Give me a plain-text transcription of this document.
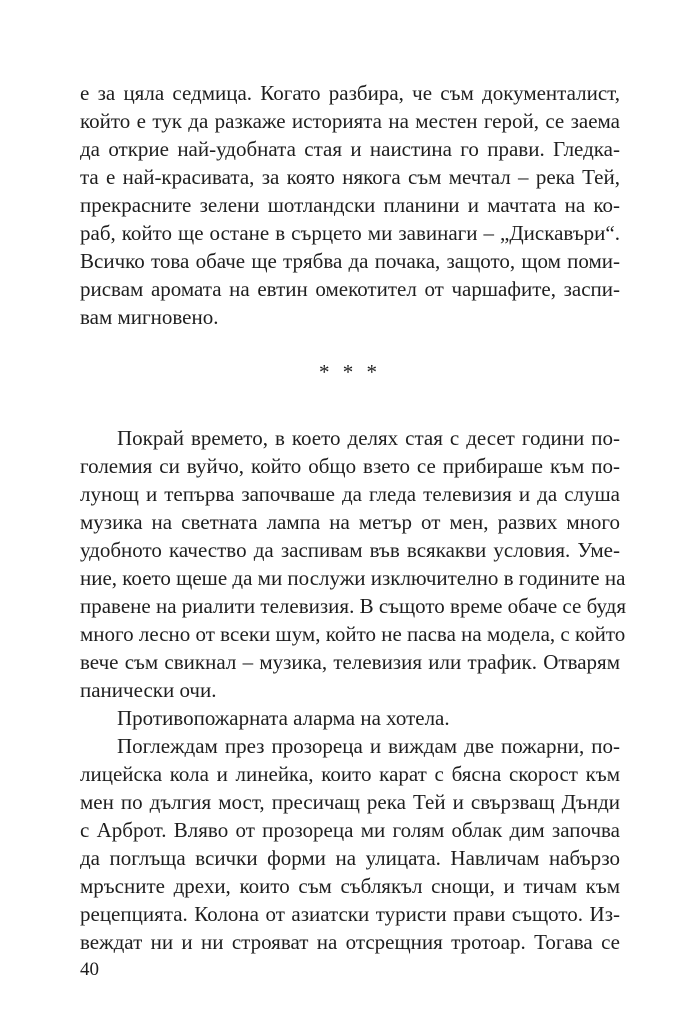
е за цяла седмица. Когато разбира, че съм документалист,
който е тук да разкаже историята на местен герой, се заема
да открие най-удобната стая и наистина го прави. Гледка-
та е най-красивата, за която някога съм мечтал – река Тей,
прекрасните зелени шотландски планини и мачтата на ко-
раб, който ще остане в сърцето ми завинаги – „Дискавъри“.
Всичко това обаче ще трябва да почака, защото, щом поми-
рисвам аромата на евтин омекотител от чаршафите, заспи-
вам мигновено.
* * *
Покрай времето, в което делях стая с десет години по-
големия си вуйчо, който общо взето се прибираше към по-
лунощ и тепърва започваше да гледа телевизия и да слуша
музика на светната лампа на метър от мен, развих много
удобното качество да заспивам във всякакви условия. Уме-
ние, което щеше да ми послужи изключително в годините на
правене на риалити телевизия. В същото време обаче се будя
много лесно от всеки шум, който не пасва на модела, с който
вече съм свикнал – музика, телевизия или трафик. Отварям
панически очи.
Противопожарната аларма на хотела.
Поглеждам през прозореца и виждам две пожарни, по-
лицейска кола и линейка, които карат с бясна скорост към
мен по дългия мост, пресичащ река Тей и свързващ Дънди
с Арброт. Вляво от прозореца ми голям облак дим започва
да поглъща всички форми на улицата. Навличам набързо
мръсните дрехи, които съм съблякъл снощи, и тичам към
рецепцията. Колона от азиатски туристи прави същото. Из-
веждат ни и ни строяват на отсрещния тротоар. Тогава се
40
